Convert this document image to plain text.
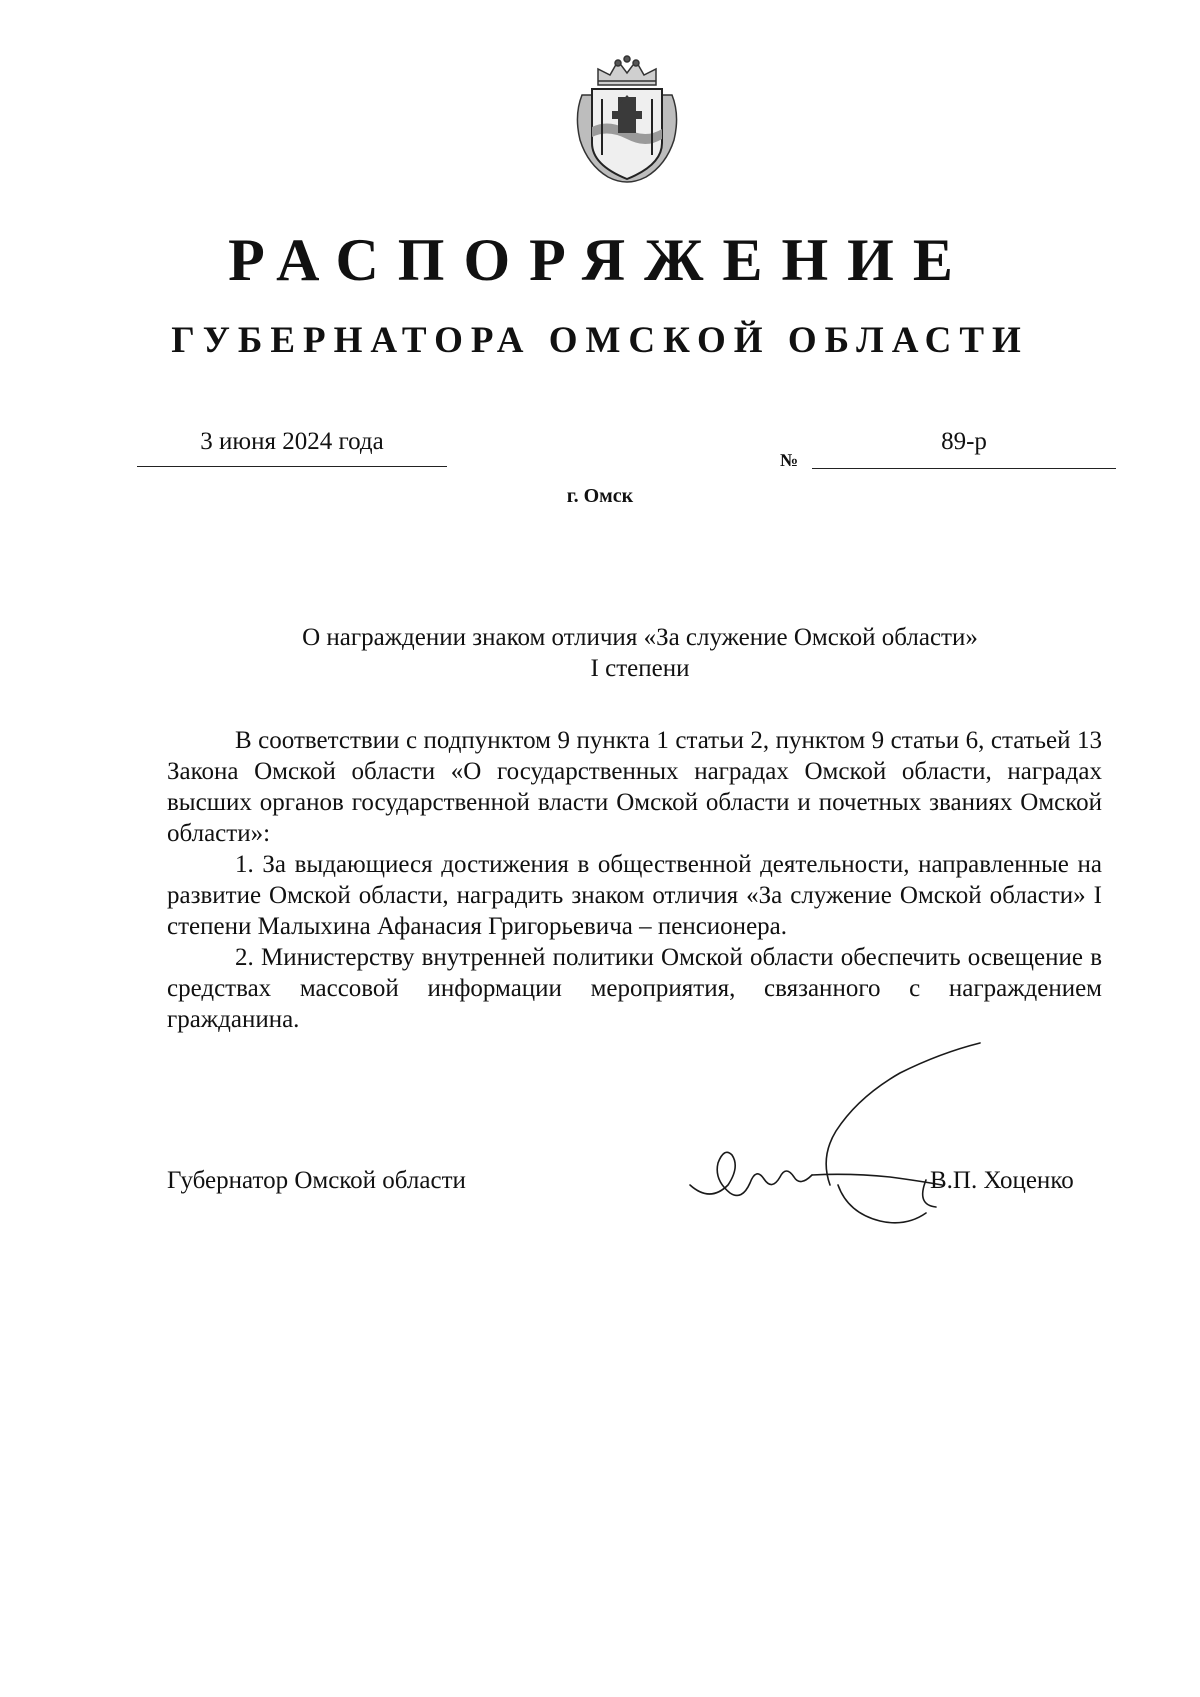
РАСПОРЯЖЕНИЕ
ГУБЕРНАТОРА ОМСКОЙ ОБЛАСТИ
3 июня 2024 года
№
89-р
г. Омск
О награждении знаком отличия «За служение Омской области»
I степени

В соответствии с подпунктом 9 пункта 1 статьи 2, пунктом 9 статьи 6, статьей 13 Закона Омской области «О государственных наградах Омской области, наградах высших органов государственной власти Омской области и почетных званиях Омской области»:

1. За выдающиеся достижения в общественной деятельности, направленные на развитие Омской области, наградить знаком отличия «За служение Омской области» I степени Малыхина Афанасия Григорьевича – пенсионера.

2. Министерству внутренней политики Омской области обеспечить освещение в средствах массовой информации мероприятия, связанного с награждением гражданина.

Губернатор Омской области	В.П. Хоценко
